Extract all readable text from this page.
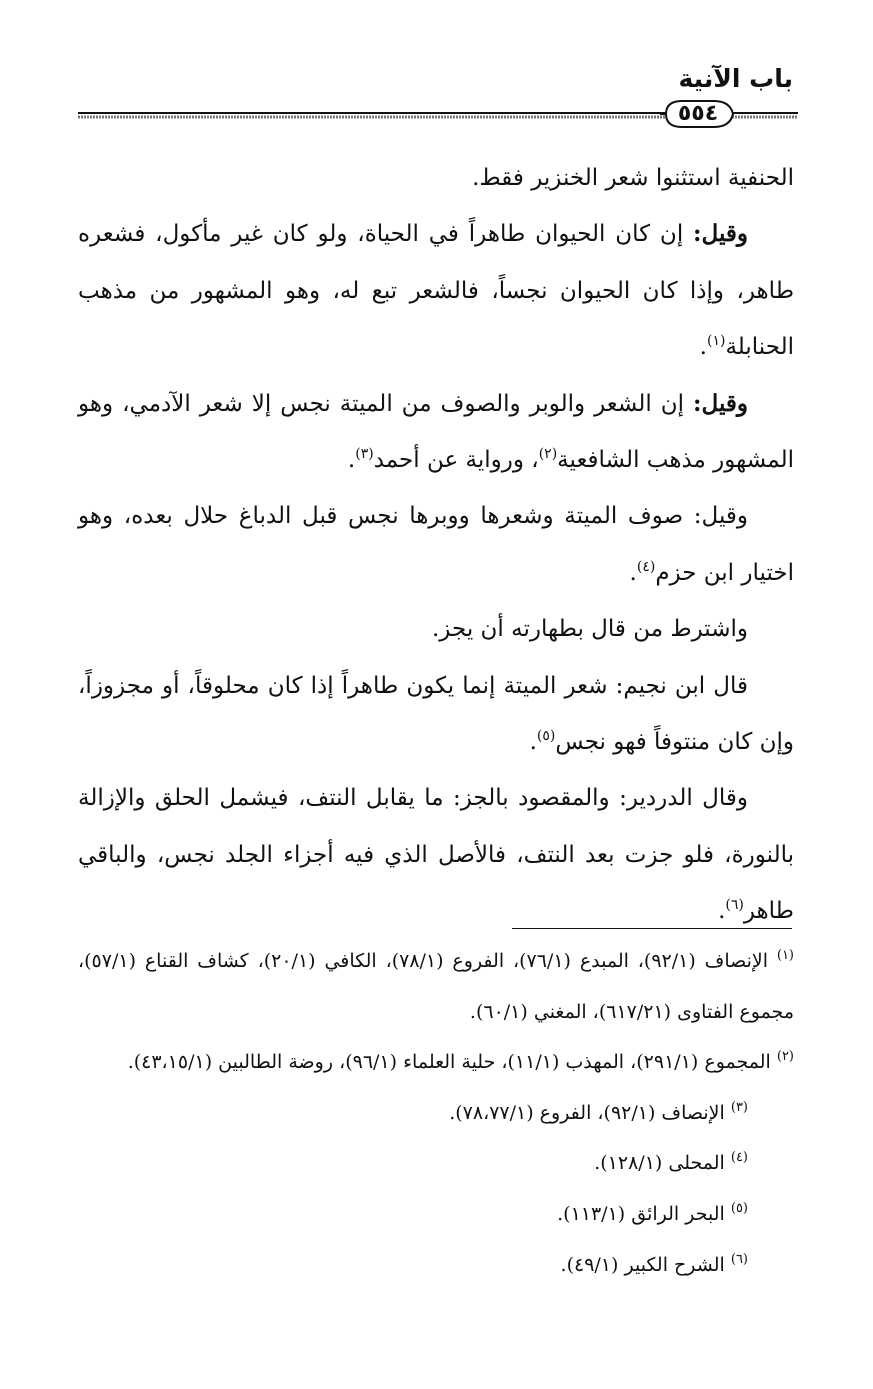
باب الآنية
٥٥٤

الحنفية استثنوا شعر الخنزير فقط.

وقيل: إن كان الحيوان طاهراً في الحياة، ولو كان غير مأكول، فشعره طاهر، وإذا كان الحيوان نجساً، فالشعر تبع له، وهو المشهور من مذهب الحنابلة$^{(١)}$.

وقيل: إن الشعر والوبر والصوف من الميتة نجس إلا شعر الآدمي، وهو المشهور مذهب الشافعية$^{(٢)}$، ورواية عن أحمد$^{(٣)}$.

وقيل: صوف الميتة وشعرها ووبرها نجس قبل الدباغ حلال بعده، وهو اختيار ابن حزم$^{(٤)}$.

واشترط من قال بطهارته أن يجز.

قال ابن نجيم: شعر الميتة إنما يكون طاهراً إذا كان محلوقاً، أو مجزوزاً، وإن كان منتوفاً فهو نجس$^{(٥)}$.

وقال الدردير: والمقصود بالجز: ما يقابل النتف، فيشمل الحلق والإزالة بالنورة، فلو جزت بعد النتف، فالأصل الذي فيه أجزاء الجلد نجس، والباقي طاهر$^{(٦)}$.

$^{(١)}$ الإنصاف (٩٢/١)، المبدع (٧٦/١)، الفروع (٧٨/١)، الكافي (٢٠/١)، كشاف القناع (٥٧/١)، مجموع الفتاوى (٦١٧/٢١)، المغني (٦٠/١).

$^{(٢)}$ المجموع (٢٩١/١)، المهذب (١١/١)، حلية العلماء (٩٦/١)، روضة الطالبين (٤٣،١٥/١).

$^{(٣)}$ الإنصاف (٩٢/١)، الفروع (٧٨،٧٧/١).

$^{(٤)}$ المحلى (١٢٨/١).

$^{(٥)}$ البحر الرائق (١١٣/١).

$^{(٦)}$ الشرح الكبير (٤٩/١).
